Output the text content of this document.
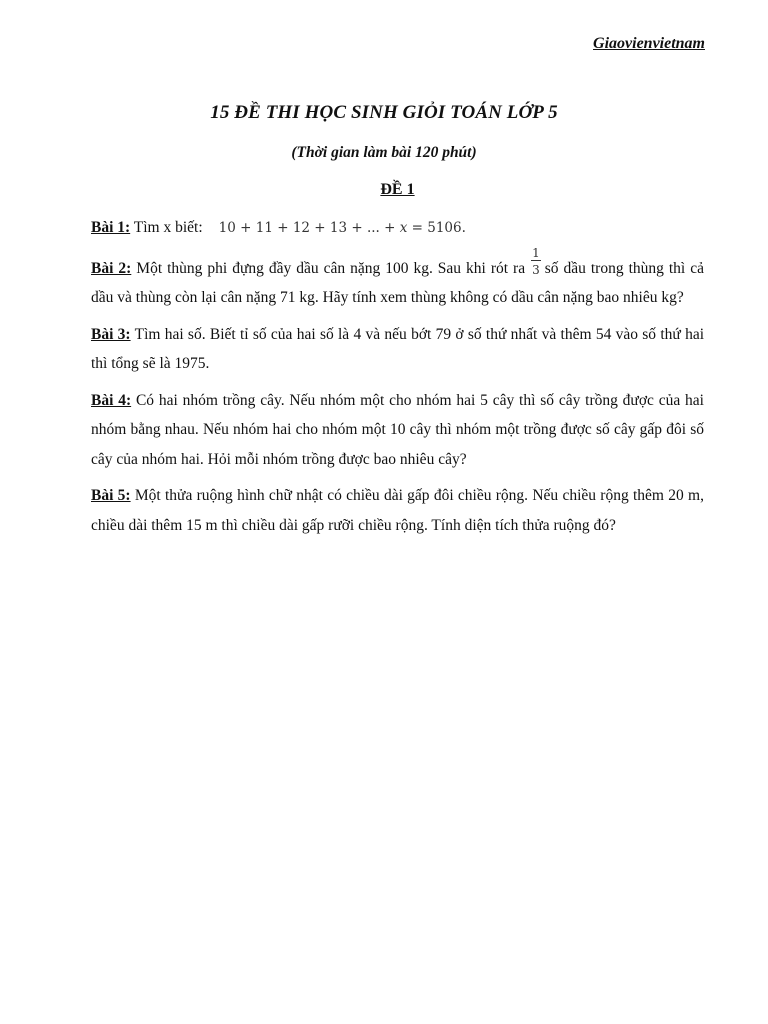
Giaovienvietnam
15 ĐỀ THI HỌC SINH GIỎI TOÁN LỚP 5
(Thời gian làm bài 120 phút)
ĐỀ 1

Bài 1: Tìm x biết: 10 + 11 + 12 + 13 + ... + x = 5106.

Bài 2: Một thùng phi đựng đầy dầu cân nặng 100 kg. Sau khi rót ra $\frac{1}{3}$ số dầu trong thùng thì cả dầu và thùng còn lại cân nặng 71 kg. Hãy tính xem thùng không có dầu cân nặng bao nhiêu kg?

Bài 3: Tìm hai số. Biết tỉ số của hai số là 4 và nếu bớt 79 ở số thứ nhất và thêm 54 vào số thứ hai thì tổng sẽ là 1975.

Bài 4: Có hai nhóm trồng cây. Nếu nhóm một cho nhóm hai 5 cây thì số cây trồng được của hai nhóm bằng nhau. Nếu nhóm hai cho nhóm một 10 cây thì nhóm một trồng được số cây gấp đôi số cây của nhóm hai. Hỏi mỗi nhóm trồng được bao nhiêu cây?

Bài 5: Một thửa ruộng hình chữ nhật có chiều dài gấp đôi chiều rộng. Nếu chiều rộng thêm 20 m, chiều dài thêm 15 m thì chiều dài gấp rưỡi chiều rộng. Tính diện tích thửa ruộng đó?
